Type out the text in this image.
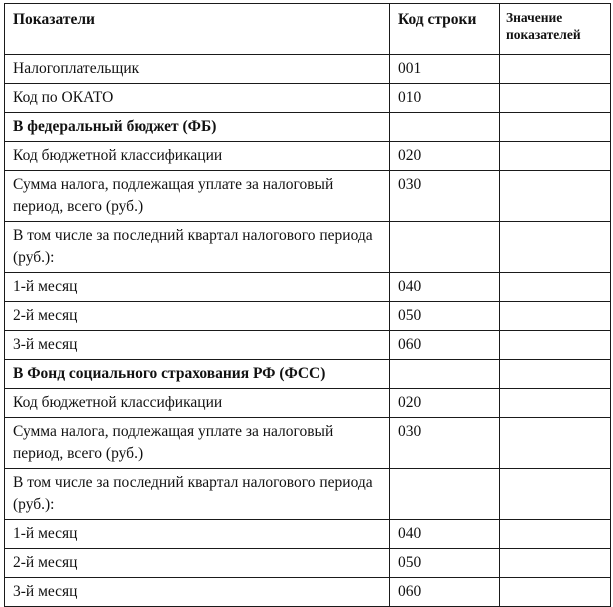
Показатели	Код строки	Значение показателей
Налогоплательщик	001	
Код по ОКАТО	010	
В федеральный бюджет (ФБ)		
Код бюджетной классификации	020	
Сумма налога, подлежащая уплате за налоговый период, всего (руб.)	030	
В том числе за последний квартал налогового периода (руб.):		
1-й месяц	040	
2-й месяц	050	
3-й месяц	060	
В Фонд социального страхования РФ (ФСС)		
Код бюджетной классификации	020	
Сумма налога, подлежащая уплате за налоговый период, всего (руб.)	030	
В том числе за последний квартал налогового периода (руб.):		
1-й месяц	040	
2-й месяц	050	
3-й месяц	060	
